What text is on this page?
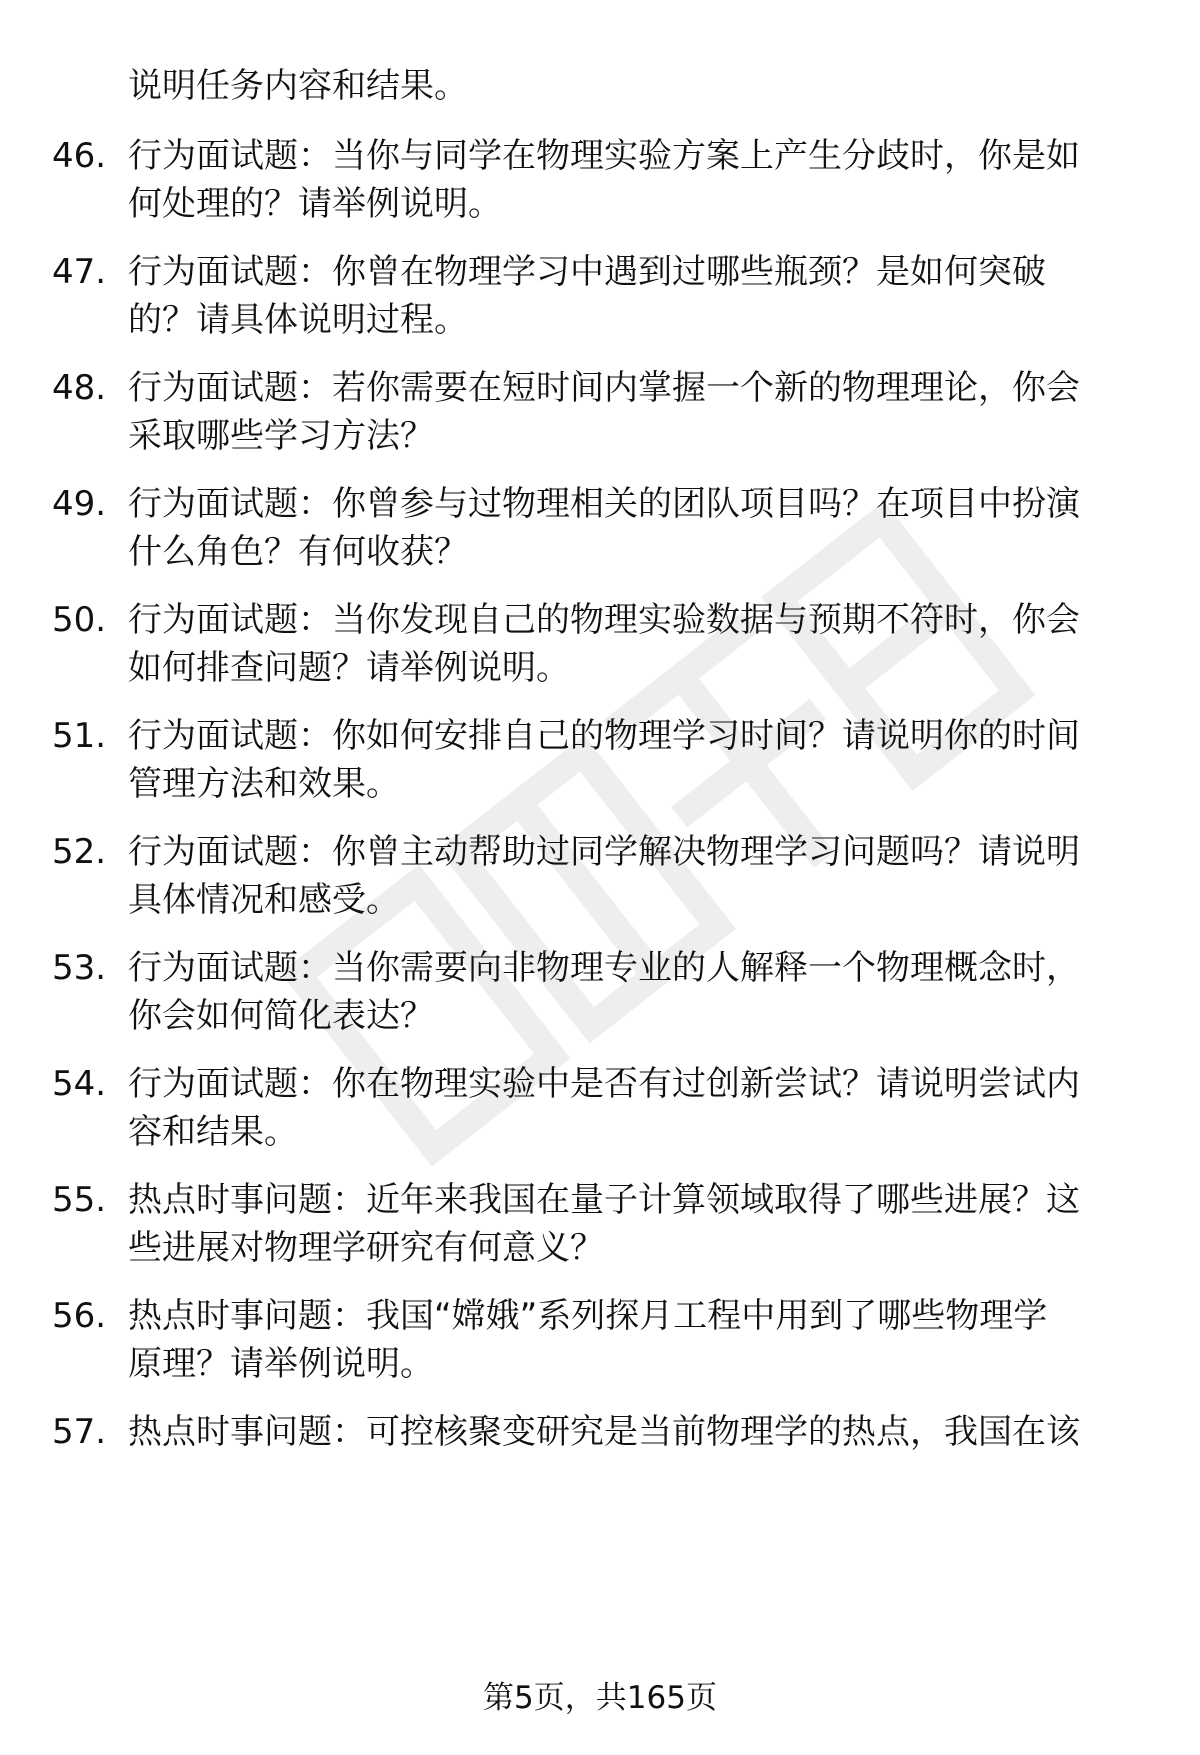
说明任务内容和结果。
46. 行为面试题：当你与同学在物理实验方案上产生分歧时，你是如
何处理的？请举例说明。
47. 行为面试题：你曾在物理学习中遇到过哪些瓶颈？是如何突破
的？请具体说明过程。
48. 行为面试题：若你需要在短时间内掌握一个新的物理理论，你会
采取哪些学习方法？
49. 行为面试题：你曾参与过物理相关的团队项目吗？在项目中扮演
什么角色？有何收获？
50. 行为面试题：当你发现自己的物理实验数据与预期不符时，你会
如何排查问题？请举例说明。
51. 行为面试题：你如何安排自己的物理学习时间？请说明你的时间
管理方法和效果。
52. 行为面试题：你曾主动帮助过同学解决物理学习问题吗？请说明
具体情况和感受。
53. 行为面试题：当你需要向非物理专业的人解释一个物理概念时，
你会如何简化表达？
54. 行为面试题：你在物理实验中是否有过创新尝试？请说明尝试内
容和结果。
55. 热点时事问题：近年来我国在量子计算领域取得了哪些进展？这
些进展对物理学研究有何意义？
56. 热点时事问题：我国“嫦娥”系列探月工程中用到了哪些物理学
原理？请举例说明。
57. 热点时事问题：可控核聚变研究是当前物理学的热点，我国在该
第5页，共165页
